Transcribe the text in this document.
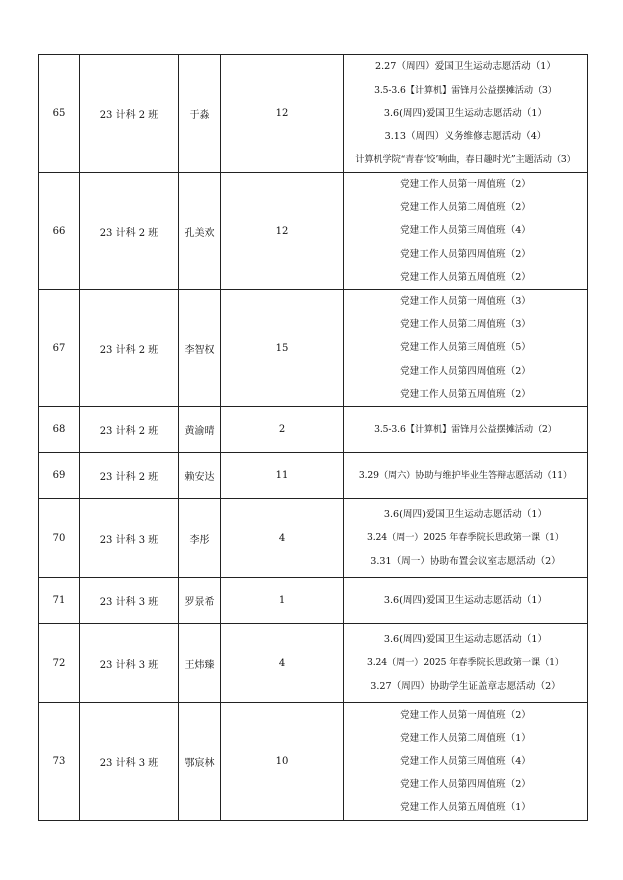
65	23 计科 2 班	于淼	12	2.27（周四）爱国卫生运动志愿活动（1）
3.5-3.6【计算机】雷锋月公益摆摊活动（3）
3.6(周四)爱国卫生运动志愿活动（1）
3.13（周四）义务维修志愿活动（4）
计算机学院“青春‘饺’响曲，春日趣时光”主题活动（3）

66	23 计科 2 班	孔美欢	12	党建工作人员第一周值班（2）
党建工作人员第二周值班（2）
党建工作人员第三周值班（4）
党建工作人员第四周值班（2）
党建工作人员第五周值班（2）

67	23 计科 2 班	李智权	15	党建工作人员第一周值班（3）
党建工作人员第二周值班（3）
党建工作人员第三周值班（5）
党建工作人员第四周值班（2）
党建工作人员第五周值班（2）

68	23 计科 2 班	黄渝晴	2	3.5-3.6【计算机】雷锋月公益摆摊活动（2）

69	23 计科 2 班	赖安达	11	3.29（周六）协助与维护毕业生答辩志愿活动（11）

70	23 计科 3 班	李彤	4	3.6(周四)爱国卫生运动志愿活动（1）
3.24（周一）2025 年春季院长思政第一课（1）
3.31（周一）协助布置会议室志愿活动（2）

71	23 计科 3 班	罗景希	1	3.6(周四)爱国卫生运动志愿活动（1）

72	23 计科 3 班	王炜臻	4	3.6(周四)爱国卫生运动志愿活动（1）
3.24（周一）2025 年春季院长思政第一课（1）
3.27（周四）协助学生证盖章志愿活动（2）

73	23 计科 3 班	鄂宸林	10	党建工作人员第一周值班（2）
党建工作人员第二周值班（1）
党建工作人员第三周值班（4）
党建工作人员第四周值班（2）
党建工作人员第五周值班（1）
